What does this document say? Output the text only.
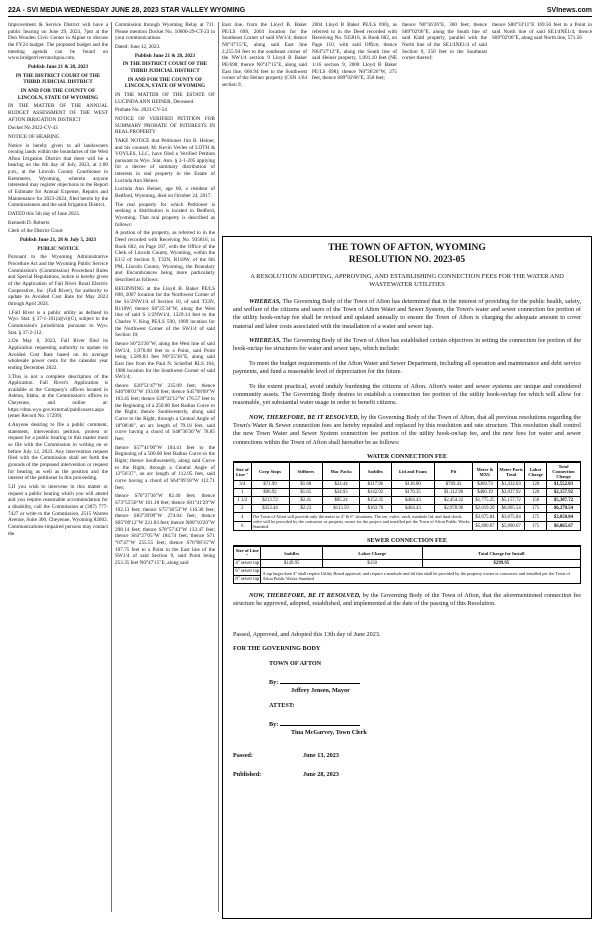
22A - SVI MEDIA WEDNESDAY JUNE 28, 2023 STAR VALLEY WYOMING	SVInews.com

Improvement & Service District will have a public hearing on June 29, 2023, 7pm at the Don Wooden Civic Center in Alpine to discuss the FY24 budget. The proposed budget and the meeting agenda can be found on www.bridgerriverranchpoa.com.

Publish June 21 & 28, 2023

IN THE DISTRICT COURT OF THE THIRD JUDICIAL DISTRICT

IN AND FOR THE COUNTY OF LINCOLN, STATE OF WYOMING

IN THE MATTER OF THE ANNUAL BUDGET ASSESSMENT OF THE WEST AFTON IRRIGATION DISTRICT

Docket No 2022-CV-43

NOTICE OF HEARING

Notice is hereby given to all landowners owning lands within the boundaries of the West Afton Irrigation District that there will be a hearing on the 6th day of July, 2023, at 1:00 p.m., at the Lincoln County Courthouse in Kemmerer, Wyoming, wherein anyone interested may register objections to the Report of Estimate for Annual Expense, Repairs and Maintenance for 2023-2024, filed herein by the Commissioners and the said Irrigation District.

DATED this 5th day of June 2023.

Kenneth D. Roberts

Clerk of the District Court

Publish June 21, 28 & July 5, 2023

PUBLIC NOTICE

Pursuant to the Wyoming Administrative Procedure Act and the Wyoming Public Service Commission's (Commission) Procedural Rules and Special Regulations, notice is hereby given of the Application of Fall River Rural Electric Cooperative, Inc. (Fall River), for authority to update its Avoided Cost Rate for May 2023 through April 2024.

1.Fall River is a public utility as defined in Wyo. Stat. § 37-1-101(a)(vi)(C), subject to the Commission's jurisdiction pursuant to Wyo. Stat. § 37-2-112.

2.On May 8, 2023, Fall River filed its Application requesting authority to update its Avoided Cost Rate based on its average wholesale power costs for the calendar year ending December 2022.

3.This is not a complete description of the Application. Fall River's Application is available at the Company's offices located in Ashton, Idaho, at the Commission's offices in Cheyenne, and online at: https://dms.wyo.gov/external/publicusers.aspx (enter Record No. 17299).

4.Anyone desiring to file a public comment, statement, intervention petition, protest or request for a public hearing in this matter must so file with the Commission in writing on or before July 12, 2023. Any intervention request filed with the Commission shall set forth the grounds of the proposed intervention or request for hearing as well as the position and the interest of the petitioner in this proceeding.

5.If you wish to intervene in this matter or request a public hearing which you will attend and you require reasonable accommodation for a disability, call the Commission at (307) 777-7427 or write to the Commission, 2515 Warren Avenue, Suite 300, Cheyenne, Wyoming 82002. Communications-impaired persons may contact the

Commission through Wyoming Relay at 711. Please mention Docket No. 10000-29-CT-23 in your communications.

Dated: June 12, 2023.

Publish June 21 & 28, 2023

IN THE DISTRICT COURT OF THE THIRD JUDICIAL DISTRICT

IN AND FOR THE COUNTY OF LINCOLN, STATE OF WYOMING

IN THE MATTER OF THE ESTATE OF LUCINDA ANN HEINER, Deceased.

Probate No. 2023-CV-54

NOTICE OF VERIFIED PETITION FOR SUMMARY PROBATE OF INTERESTS IN REAL PROPERTY

TAKE NOTICE that Petitioner Jim R. Heiner, and his counsel, M. Kevin Vevles of LOTH & VOYLES, LLC, have filed a Verified Petition pursuant to Wyo. Stat. Ann. § 2-1-205 applying for a decree of summary distribution of interests in real property in the Estate of Lucinda Ann Heiner.

Lucinda Ann Heiner, age 60, a resident of Bedford, Wyoming, died on October 24, 2017.

The real property for which Petitioner is seeking a distribution is located in Bedford, Wyoming. That real property is described as follows:

A portion of the property, as referred to in the Deed recorded with Receiving No. 935816, in Book 682, on Page 107, with the Office of the Clerk of Lincoln County, Wyoming, within the E1/2 of Section 9, T33N, R118W, of the 6th PM, Lincoln County, Wyoming, the Boundary and Encumbrances being more particularly described as follows:

BEGINNING at the Lloyd B. Baker PE/LS 698, 2007 location for the Northwest Corner of the S1/2NW1/4 of Section 10, of said T33N, R118W; thence S0°25'34"W, along the West line of said S 1/2NW1/4, 1329.14 feet to the Charles V. King PE/LS 590, 1989 location for the Northwest Corner of the SW1/4 of said Section 10;

thence S0°23'36"W, along the West line of said SW1/4, 1,070.68 feet to a Point, said Point being 1,589.83 feet N0°25'36"E, along said East line from the Paul N. Scherbel RLS 164, 1980 location for the Southwest Corner of said SW1/4;

thence S28°51'47"W 235.09 feet; thence S40°08'03"W 193.00 feet; thence S45°08'09"W 103.45 feet; thence S39°32'12"W 176.57 feet to the Beginning of a 250.00 feet Radius Curve to the Right; thence Southwesterly, along said Curve to the Right, through a Central Angle of 18°08'48", an arc length of 79.18 feet, said curve having a chord of S48°36'36"W 78.85 feet;

thence S57°41'00"W 104.41 feet to the Beginning of a 500.00 feet Radius Curve to the Right; thence Southwesterly, along said Curve to the Right, through a Central Angle of 12°56'37", an arc length of 112.95 feet, said curve having a chord of S64°09'18"W 112.71 feet;

thence S70°37'36"W 82.40 feet; thence S73°55'50"W 161.18 feet; thence S81°41'29"W 102.13 feet; thence S75°36'53"W 116.30 feet; thence S83°39'09"W 274.04 feet; thence S85°09'12"W 221.83 feet; thence N80°10'20"W 398.14 feet; thence S78°57'43"W 133.47 feet; thence S63°27'05"W 184.74 feet; thence S71 °07'47"W 255.55 feet; thence S76°08'15"W 107.75 feet to a Point in the East line of the SW1/4 of said Section 9, said Point being 253.35 feet N0°47'15"E, along said

East line, from the Lloyd B. Baker PE/LS 698, 2003 location for the Southeast Corner of said SW1/4; thence N0°47'15"E, along said East line 2,255.94 feet to the southeast corner of the NW1/4 section 9 Lloyd B Baker PE/698, thence N0°47'15"E, along said East line, 666.94 feet to the Southwest corner of the Heiner property (CSN 1/64 section 9,
2004 Lloyd B Baker PE/LS 690), as referred to in the Deed recorded with Receiving No. 935816, in Book 682, on Page 110, with said Office; thence N64°27'12"E, along the South line of said Heiner property, 1,091.10 feet (NE 1/16 section 9, 2008 Lloyd B Baker PE/LS 698); thence N0°36'26"W, 275 feet, thence S89°02'06"E, 350 feet;
thence N0°36'26"E, 300 feet; thence S89°02'06"E, along the South line of said Kidd property, parallel with the North line of the SE1/4NE1/4 of said Section 9, 250 feet to the Southeast corner thereof;
thence S80°33'11"E 169.50 feet to a Point in said North line of said SE1/4NE1/4; thence S89°02'06"E, along said North line, 571.56
THE TOWN OF AFTON, WYOMING
RESOLUTION NO. 2023-05
A RESOLUTION ADOPTING, APPROVING, AND ESTABLISHING CONNECTION FEES FOR THE WATER AND WASTEWATER UTILITIES

WHEREAS, The Governing Body of the Town of Afton has determined that in the interest of providing for the public health, safety, and welfare of the citizens and users of the Town of Afton Water and Sewer System, the Town's water and sewer connection fee portion of the utility hook-on/tap fee shall be revised and updated annually to ensure the Town of Afton is charging the adequate amount to cover material and labor costs associated with the installation of a water and sewer tap.

WHEREAS, The Governing Body of the Town of Afton has established certain objectives in setting the connection fee portion of the hook-on/tap fee structures for water and sewer taps, which include:

To meet the budget requirements of the Afton Water and Sewer Department, including all operation and maintenance and debt service payments, and fund a reasonable level of depreciation for the future.

To the extent practical, avoid unduly burdening the citizens of Afton. Afton's water and sewer systems are unique and considered community assets. The Governing Body desires to establish a connection fee portion of the utility hook-on/tap fee which will allow for reasonable, yet substantial water usage in order to benefit citizens.

NOW, THEREFORE, BE IT RESOLVED, by the Governing Body of the Town of Afton, that all previous resolutions regarding the Town's Water & Sewer connection fees are hereby repealed and replaced by this resolution and rate structure. This resolution shall control the new Town Water and Sewer System connection fee portion of the utility hook-on/tap fee, and the new fees for water and sewer connections within the Town of Afton shall hereafter be as follows:

WATER CONNECTION FEE
Size of Line "	Corp Stops	Stiffners	Mac Packs	Saddles	Lid and Foam	Pit	Meter & MXU	Meter Parts Total	Labor Charge	Total Connection Charge
3/4	$71.99	$1.68	$24.44	$117.96	$136.80	$709.43	$369.73	$1,432.03	120	$1,552.03
1	$96.92	$1.65	$34.93	$142.92	$170.35	$1,112.96	$480.19	$2,037.92	120	$2,157.92
1 1/2	$213.72	$2.41	$95.24	$152.35	$464.43	$2,454.32	$1,775.25	$5,157.72	150	$5,307.72
2	$353.44	$2.23	$113.59	$163.78	$464.43	$2,978.96	$2,019.20	$6,095.54	175	$6,270.54
4	The Town of Afton will provide only the meter in 4" & 6" situations. The tee, valve, vault, manhole lid, and dual check valve will be provided by the contractor or property owner for the project and installed per the Town of Afton Public Works Standard.						$3,675.84	$3,675.84	175	$3,850.84
6							$5,890.67	$5,890.67	175	$6,065.67
SEWER CONNECTION FEE
Size of Line "	Saddles	Labor Charge	Total Charge for Install
4" sewer tap	$149.95	$150	$299.95
6" sewer tap	A tap larger than 4" shall require Utility Board approval, and require a manhole and lid that shall be provided by the property owner or contractor and installed per the Town of Afton Public Works Standard		
8" sewer tap			

NOW, THEREFORE, BE IT RESOLVED, by the Governing Body of the Town of Afton, that the aforementioned connection fee structure be approved, adopted, established, and implemented at the date of the passing of this Resolution.

Passed, Approved, and Adopted this 13th day of June 2023.
FOR THE GOVERNING BODY
TOWN OF AFTON
By:
Jeffrey Jensen, Mayor
ATTEST:
By:
Tina McGarvey, Town Clerk
Passed:	June 13, 2023
Published:	June 28, 2023
